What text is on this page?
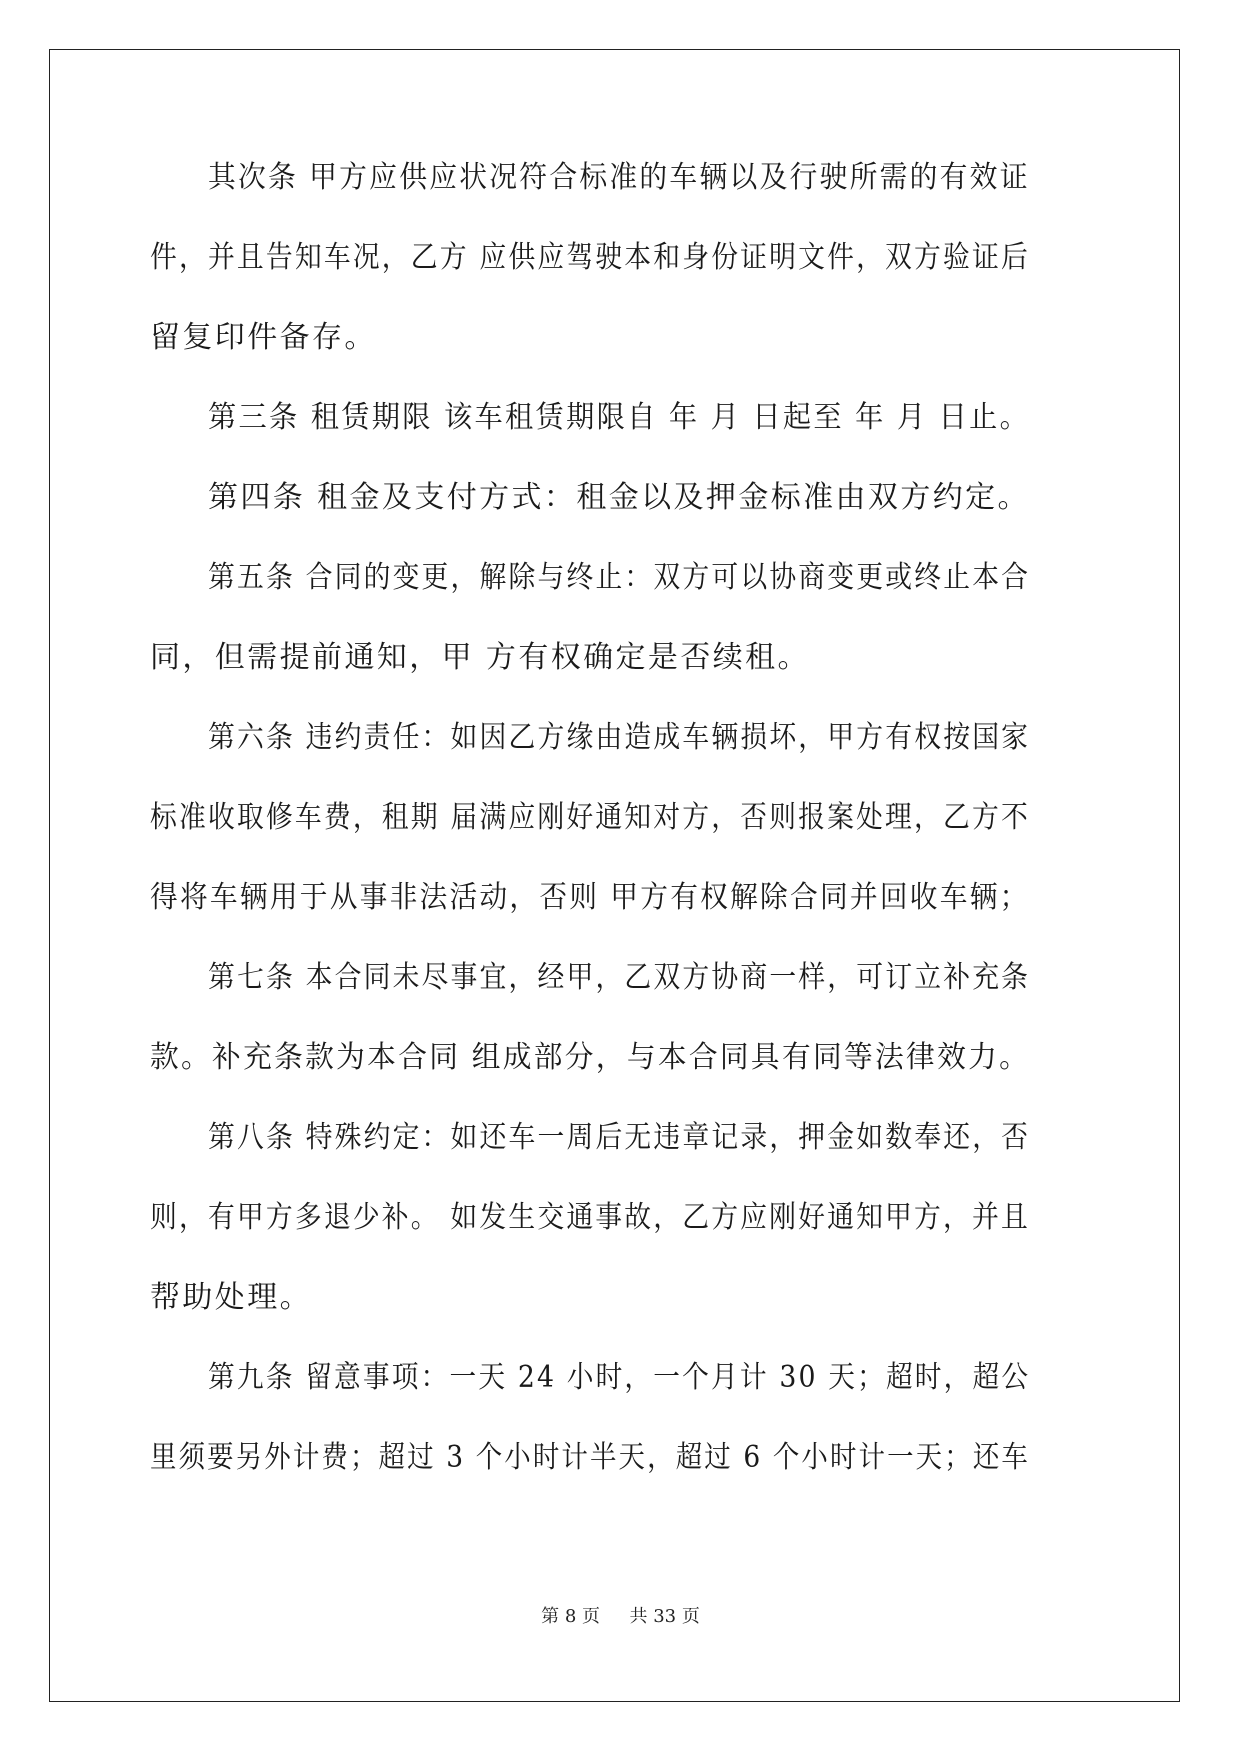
其次条 甲方应供应状况符合标准的车辆以及行驶所需的有效证
件，并且告知车况，乙方 应供应驾驶本和身份证明文件，双方验证后
留复印件备存。
第三条 租赁期限 该车租赁期限自 年 月 日起至 年 月 日止。
第四条 租金及支付方式：租金以及押金标准由双方约定。
第五条 合同的变更，解除与终止：双方可以协商变更或终止本合
同，但需提前通知，甲 方有权确定是否续租。
第六条 违约责任：如因乙方缘由造成车辆损坏，甲方有权按国家
标准收取修车费，租期 届满应刚好通知对方，否则报案处理，乙方不
得将车辆用于从事非法活动，否则 甲方有权解除合同并回收车辆；
第七条 本合同未尽事宜，经甲，乙双方协商一样，可订立补充条
款。补充条款为本合同 组成部分，与本合同具有同等法律效力。
第八条 特殊约定：如还车一周后无违章记录，押金如数奉还，否
则，有甲方多退少补。 如发生交通事故，乙方应刚好通知甲方，并且
帮助处理。
第九条 留意事项：一天 24 小时，一个月计 30 天；超时，超公
里须要另外计费；超过 3 个小时计半天，超过 6 个小时计一天；还车
第 8 页 共 33 页
